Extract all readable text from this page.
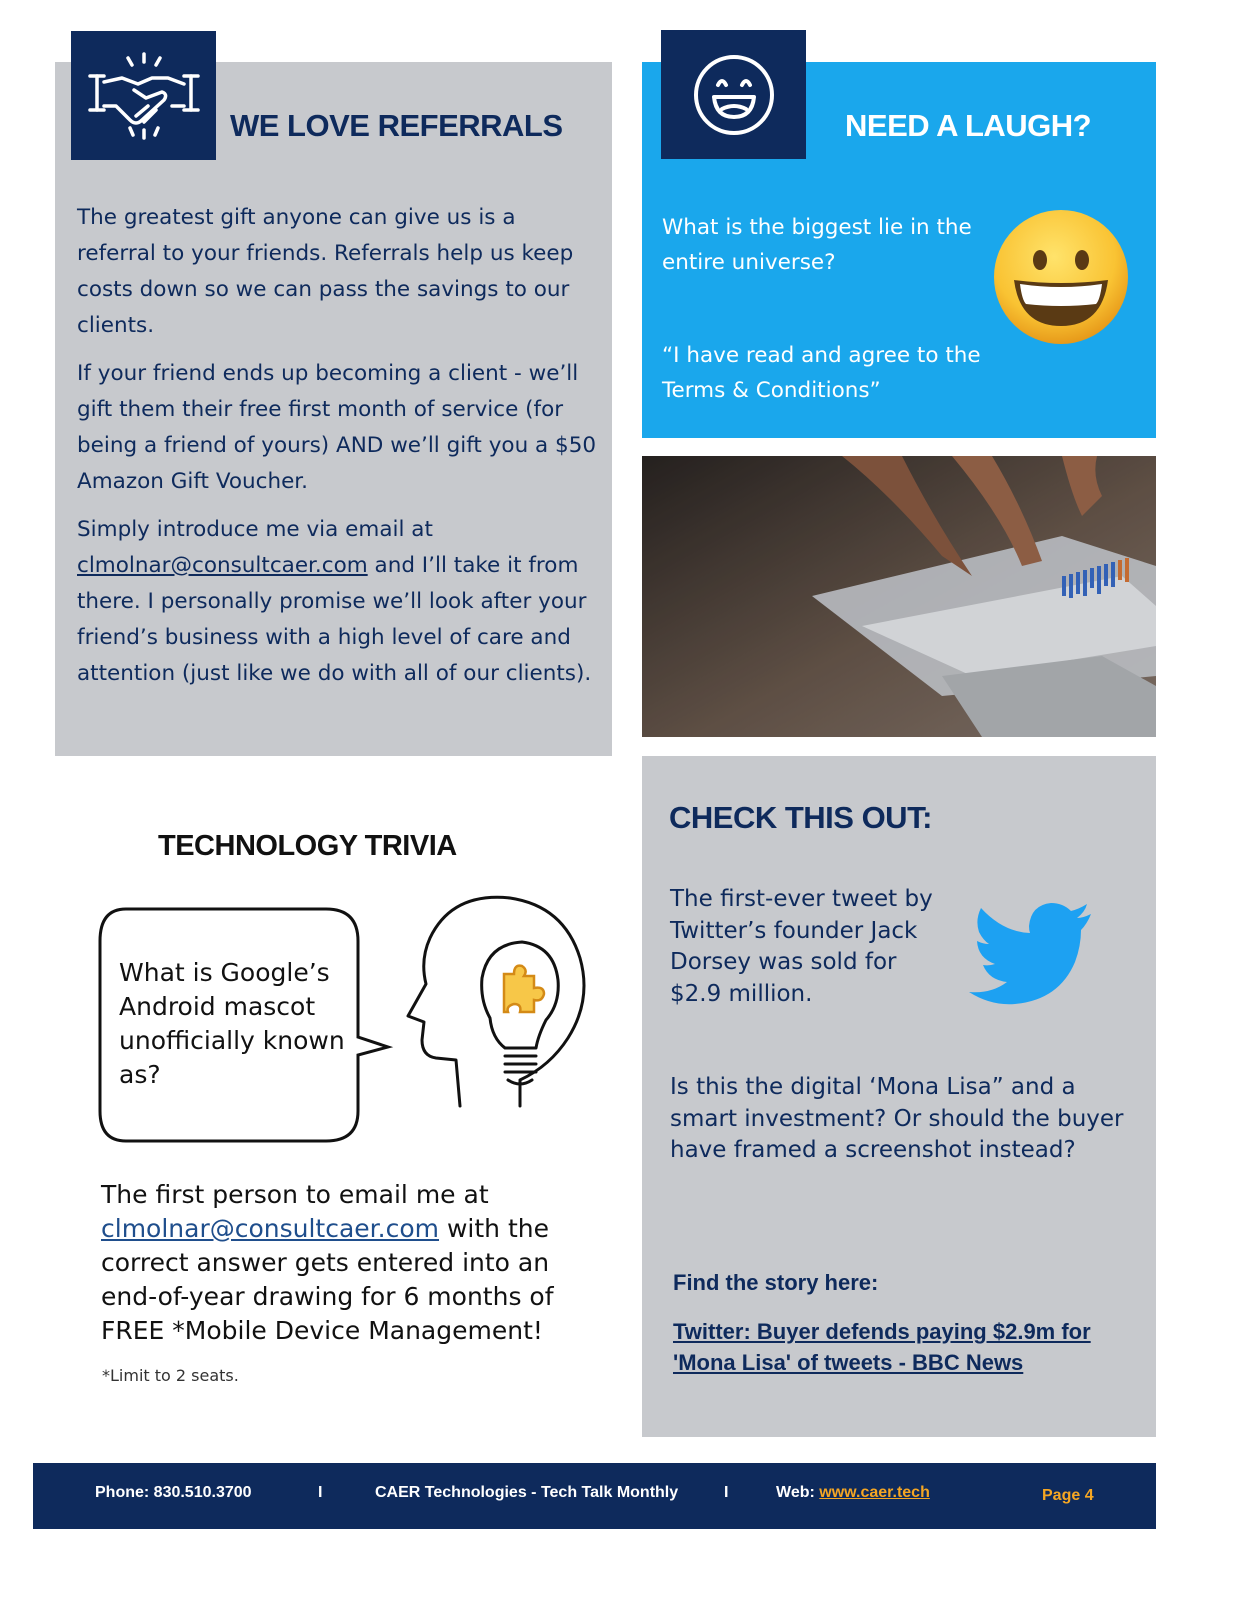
WE LOVE REFERRALS

The greatest gift anyone can give us is a referral to your friends. Referrals help us keep costs down so we can pass the savings to our clients.

If your friend ends up becoming a client - we’ll gift them their free first month of service (for being a friend of yours) AND we’ll gift you a $50 Amazon Gift Voucher.

Simply introduce me via email at clmolnar@consultcaer.com and I’ll take it from there. I personally promise we’ll look after your friend’s business with a high level of care and attention (just like we do with all of our clients).

NEED A LAUGH?
What is the biggest lie in the entire universe?
“I have read and agree to the Terms & Conditions”
TECHNOLOGY TRIVIA
What is Google’s Android mascot unofficially known as?
The first person to email me at clmolnar@consultcaer.com with the correct answer gets entered into an end-of-year drawing for 6 months of FREE *Mobile Device Management!
*Limit to 2 seats.
CHECK THIS OUT:
The first-ever tweet by Twitter’s founder Jack Dorsey was sold for $2.9 million.
Is this the digital ‘Mona Lisa” and a smart investment? Or should the buyer have framed a screenshot instead?
Find the story here:
Twitter: Buyer defends paying $2.9m for 'Mona Lisa' of tweets - BBC News
Phone: 830.510.3700	I	CAER Technologies - Tech Talk Monthly	I	Web: www.caer.tech	Page 4
